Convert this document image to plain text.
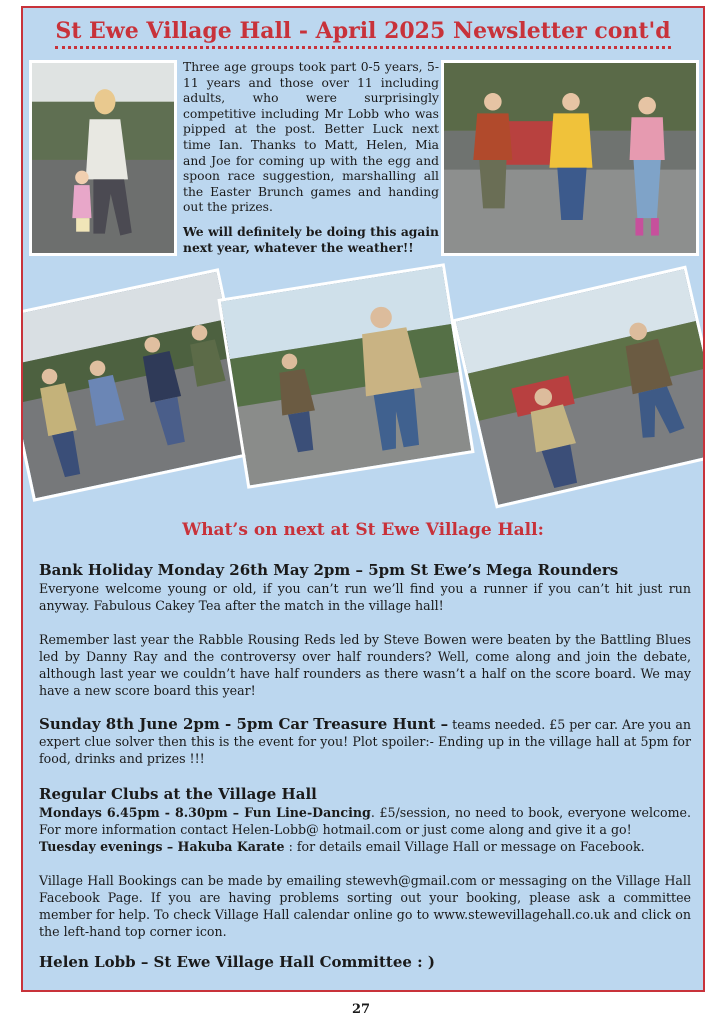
St Ewe Village Hall - April 2025 Newsletter cont'd

Three age groups took part 0-5 years, 5-11 years and those over 11 including adults, who were surprisingly competitive including Mr Lobb who was pipped at the post. Better Luck next time Ian. Thanks to Matt, Helen, Mia and Joe for coming up with the egg and spoon race suggestion, marshalling all the Easter Brunch games and handing out the prizes.

We will definitely be doing this again next year, whatever the weather!!

What’s on next at St Ewe Village Hall:
Bank Holiday Monday 26th May 2pm – 5pm St Ewe’s Mega Rounders

Everyone welcome young or old, if you can’t run we’ll find you a runner if you can’t hit just run anyway. Fabulous Cakey Tea after the match in the village hall!

Remember last year the Rabble Rousing Reds led by Steve Bowen were beaten by the Battling Blues led by Danny Ray and the controversy over half rounders? Well, come along and join the debate, although last year we couldn’t have half rounders as there wasn’t a half on the score board. We may have a new score board this year!

Sunday 8th June 2pm - 5pm Car Treasure Hunt – teams needed. £5 per car. Are you an expert clue solver then this is the event for you! Plot spoiler:- Ending up in the village hall at 5pm for food, drinks and prizes !!!

Regular Clubs at the Village Hall

Mondays 6.45pm - 8.30pm – Fun Line-Dancing. £5/session, no need to book, everyone welcome. For more information contact Helen-Lobb@ hotmail.com or just come along and give it a go!

Tuesday evenings – Hakuba Karate : for details email Village Hall or message on Facebook.

Village Hall Bookings can be made by emailing stewevh@gmail.com or messaging on the Village Hall Facebook Page. If you are having problems sorting out your booking, please ask a committee member for help. To check Village Hall calendar online go to www.stewevillagehall.co.uk and click on the left-hand top corner icon.

Helen Lobb – St Ewe Village Hall Committee : )
27
